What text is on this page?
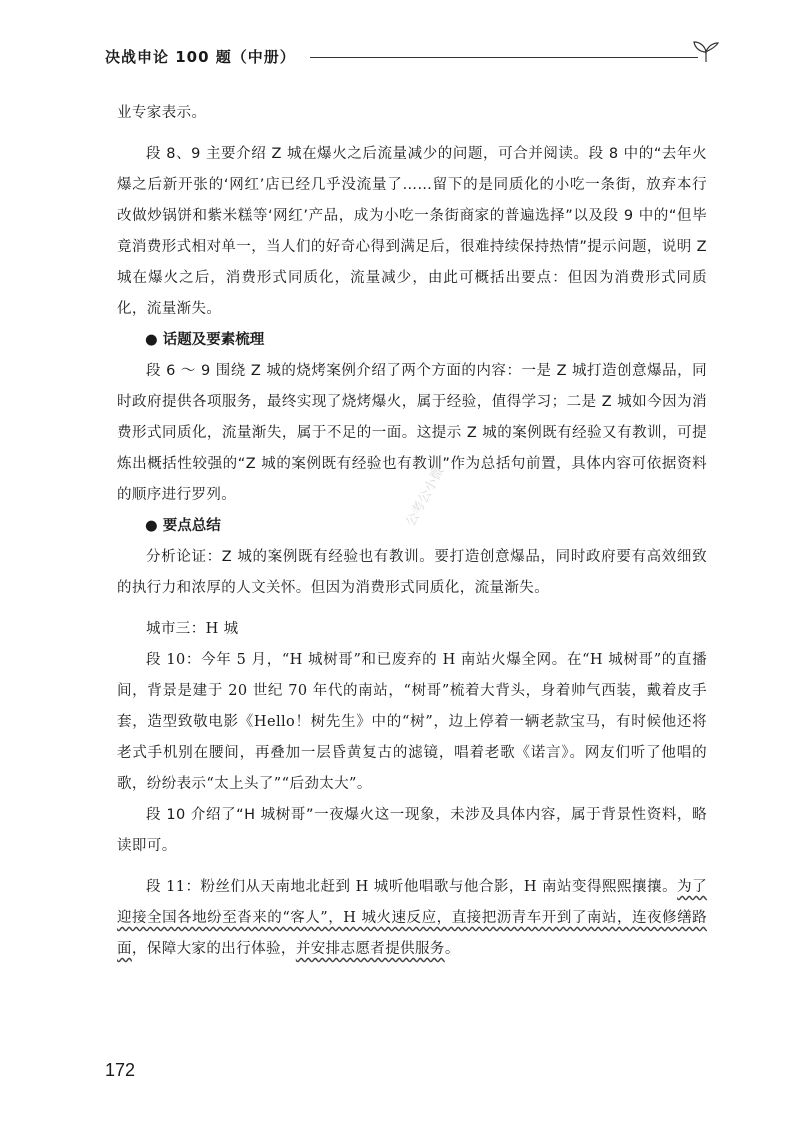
决战申论 100 题（中册）

业专家表示。

段 8、9 主要介绍 Z 城在爆火之后流量减少的问题，可合并阅读。段 8 中的“去年火爆之后新开张的‘网红’店已经几乎没流量了……留下的是同质化的小吃一条街，放弃本行改做炒锅饼和紫米糕等‘网红’产品，成为小吃一条街商家的普遍选择”以及段 9 中的“但毕竟消费形式相对单一，当人们的好奇心得到满足后，很难持续保持热情”提示问题，说明 Z 城在爆火之后，消费形式同质化，流量减少，由此可概括出要点：但因为消费形式同质化，流量渐失。

● 话题及要素梳理

段 6 ～ 9 围绕 Z 城的烧烤案例介绍了两个方面的内容：一是 Z 城打造创意爆品，同时政府提供各项服务，最终实现了烧烤爆火，属于经验，值得学习；二是 Z 城如今因为消费形式同质化，流量渐失，属于不足的一面。这提示 Z 城的案例既有经验又有教训，可提炼出概括性较强的“Z 城的案例既有经验也有教训”作为总括句前置，具体内容可依据资料的顺序进行罗列。

● 要点总结

分析论证：Z 城的案例既有经验也有教训。要打造创意爆品，同时政府要有高效细致的执行力和浓厚的人文关怀。但因为消费形式同质化，流量渐失。

城市三：H 城

段 10：今年 5 月，“H 城树哥”和已废弃的 H 南站火爆全网。在“H 城树哥”的直播间，背景是建于 20 世纪 70 年代的南站，“树哥”梳着大背头，身着帅气西装，戴着皮手套，造型致敬电影《Hello！树先生》中的“树”，边上停着一辆老款宝马，有时候他还将老式手机别在腰间，再叠加一层昏黄复古的滤镜，唱着老歌《诺言》。网友们听了他唱的歌，纷纷表示“太上头了”“后劲太大”。

段 10 介绍了“H 城树哥”一夜爆火这一现象，未涉及具体内容，属于背景性资料，略读即可。

段 11：粉丝们从天南地北赶到 H 城听他唱歌与他合影，H 南站变得熙熙攘攘。为了迎接全国各地纷至沓来的“客人”，H 城火速反应，直接把沥青车开到了南站，连夜修缮路面，保障大家的出行体验，并安排志愿者提供服务。

公考公小微
172
